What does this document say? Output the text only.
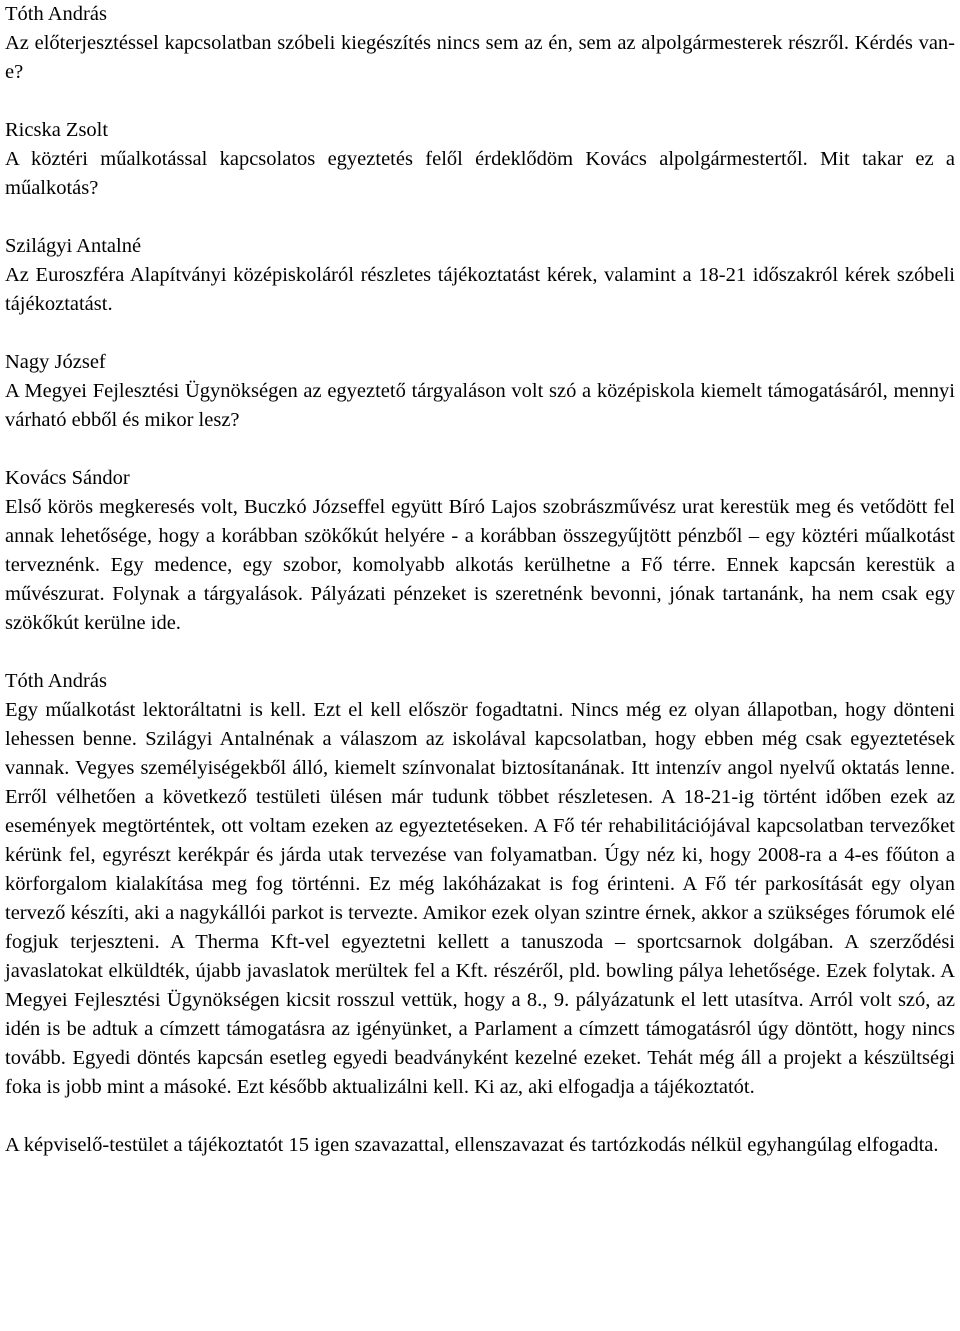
Tóth András
Az előterjesztéssel kapcsolatban szóbeli kiegészítés nincs sem az én, sem az alpolgármesterek részről. Kérdés van-e?
Ricska Zsolt
A köztéri műalkotással kapcsolatos egyeztetés felől érdeklődöm Kovács alpolgármestertől. Mit takar ez a műalkotás?
Szilágyi Antalné
Az Euroszféra Alapítványi középiskoláról részletes tájékoztatást kérek, valamint a 18-21 időszakról kérek szóbeli tájékoztatást.
Nagy József
A Megyei Fejlesztési Ügynökségen az egyeztető tárgyaláson volt szó a középiskola kiemelt támogatásáról, mennyi várható ebből és mikor lesz?
Kovács Sándor
Első körös megkeresés volt, Buczkó Józseffel együtt Bíró Lajos szobrászművész urat kerestük meg és vetődött fel annak lehetősége, hogy a korábban szökőkút helyére - a korábban összegyűjtött pénzből – egy köztéri műalkotást terveznénk. Egy medence, egy szobor, komolyabb alkotás kerülhetne a Fő térre. Ennek kapcsán kerestük a művészurat. Folynak a tárgyalások. Pályázati pénzeket is szeretnénk bevonni, jónak tartanánk, ha nem csak egy szökőkút kerülne ide.
Tóth András
Egy műalkotást lektoráltatni is kell. Ezt el kell először fogadtatni. Nincs még ez olyan állapotban, hogy dönteni lehessen benne. Szilágyi Antalnénak a válaszom az iskolával kapcsolatban, hogy ebben még csak egyeztetések vannak. Vegyes személyiségekből álló, kiemelt színvonalat biztosítanának. Itt intenzív angol nyelvű oktatás lenne. Erről vélhetően a következő testületi ülésen már tudunk többet részletesen. A 18-21-ig történt időben ezek az események megtörténtek, ott voltam ezeken az egyeztetéseken. A Fő tér rehabilitációjával kapcsolatban tervezőket kérünk fel, egyrészt kerékpár és járda utak tervezése van folyamatban. Úgy néz ki, hogy 2008-ra a 4-es főúton a körforgalom kialakítása meg fog történni. Ez még lakóházakat is fog érinteni. A Fő tér parkosítását egy olyan tervező készíti, aki a nagykállói parkot is tervezte. Amikor ezek olyan szintre érnek, akkor a szükséges fórumok elé fogjuk terjeszteni. A Therma Kft-vel egyeztetni kellett a tanuszoda – sportcsarnok dolgában. A szerződési javaslatokat elküldték, újabb javaslatok merültek fel a Kft. részéről, pld. bowling pálya lehetősége. Ezek folytak. A Megyei Fejlesztési Ügynökségen kicsit rosszul vettük, hogy a 8., 9. pályázatunk el lett utasítva. Arról volt szó, az idén is be adtuk a címzett támogatásra az igényünket, a Parlament a címzett támogatásról úgy döntött, hogy nincs tovább. Egyedi döntés kapcsán esetleg egyedi beadványként kezelné ezeket. Tehát még áll a projekt a készültségi foka is jobb mint a másoké. Ezt később aktualizálni kell. Ki az, aki elfogadja a tájékoztatót.
A képviselő-testület a tájékoztatót 15 igen szavazattal, ellenszavazat és tartózkodás nélkül egyhangúlag elfogadta.
